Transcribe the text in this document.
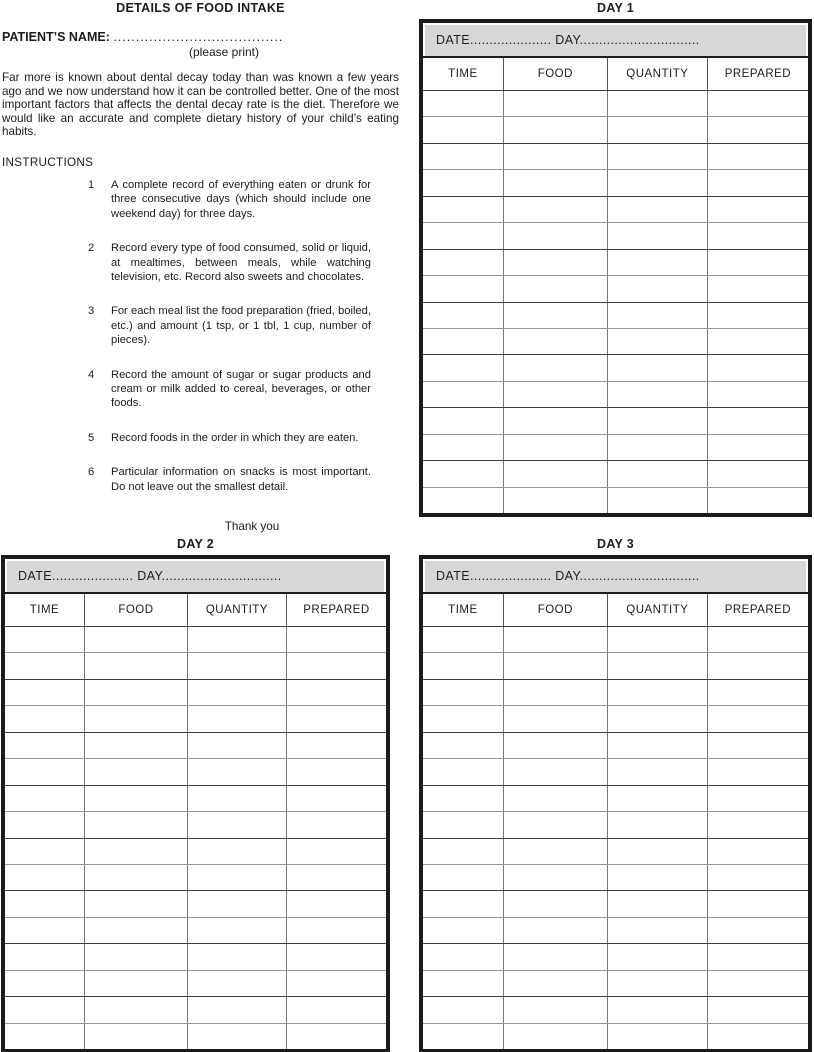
DETAILS OF FOOD INTAKE
PATIENT’S NAME: ......................................
(please print)
Far more is known about dental decay today than was known a few years ago and we now understand how it can be controlled better. One of the most important factors that affects the dental decay rate is the diet. Therefore we would like an accurate and complete dietary history of your child’s eating habits.
INSTRUCTIONS
1	A complete record of everything eaten or drunk for three consecutive days (which should include one weekend day) for three days.
2	Record every type of food consumed, solid or liquid, at mealtimes, between meals, while watching television, etc. Record also sweets and chocolates.
3	For each meal list the food preparation (fried, boiled, etc.) and amount (1 tsp, or 1 tbl, 1 cup, number of pieces).
4	Record the amount of sugar or sugar products and cream or milk added to cereal, beverages, or other foods.
5	Record foods in the order in which they are eaten.
6	Particular information on snacks is most important. Do not leave out the smallest detail.
Thank you
DAY 1
DATE..................... DAY...............................
TIME	FOOD	QUANTITY	PREPARED
DAY 2
DATE..................... DAY...............................
TIME	FOOD	QUANTITY	PREPARED
DAY 3
DATE..................... DAY...............................
TIME	FOOD	QUANTITY	PREPARED
